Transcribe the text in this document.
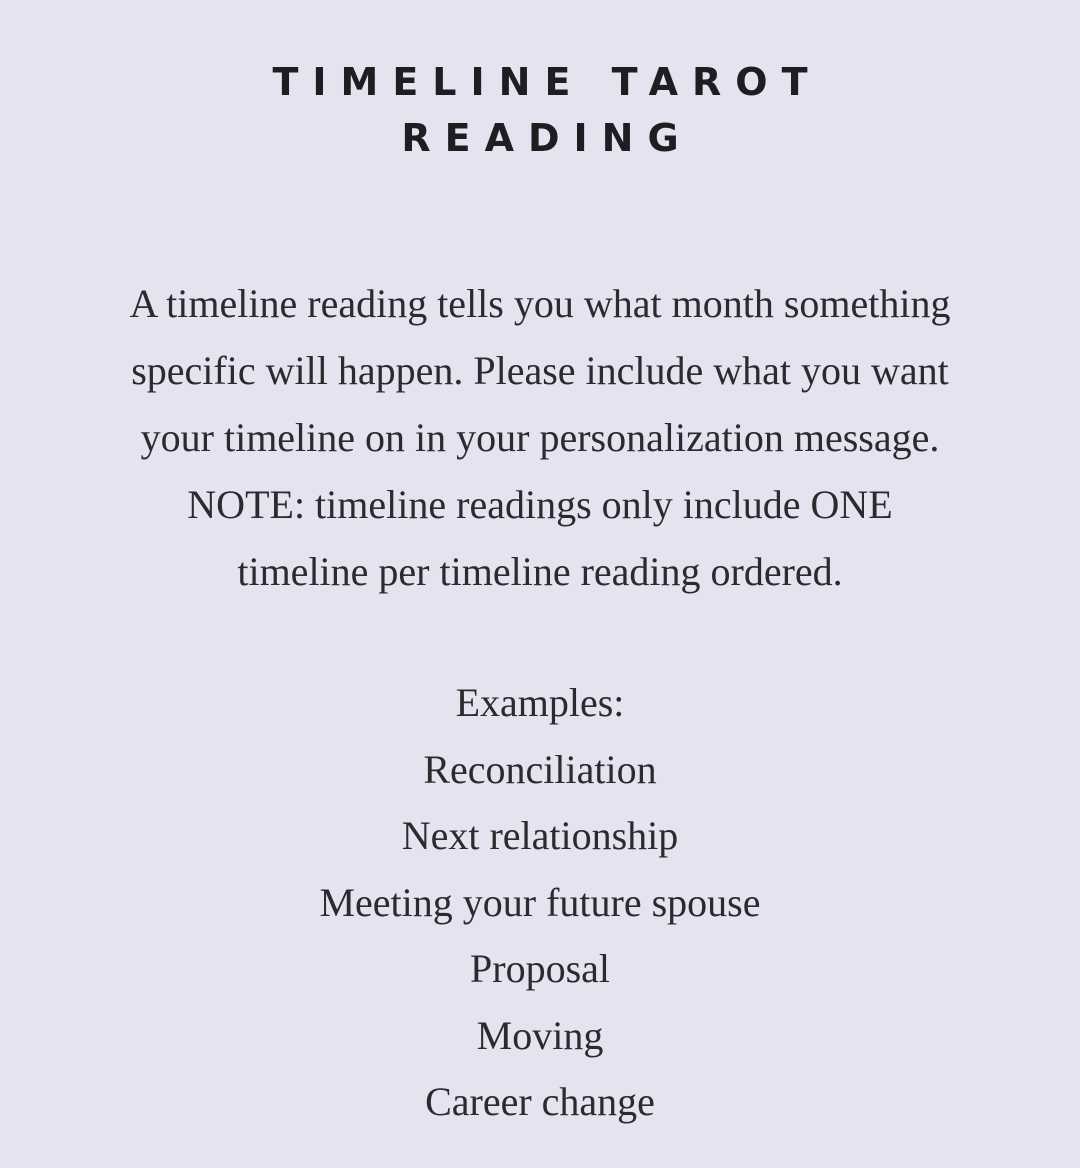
TIMELINE TAROT
READING

A timeline reading tells you what month something
specific will happen. Please include what you want
your timeline on in your personalization message.
NOTE: timeline readings only include ONE
timeline per timeline reading ordered.

Examples:
Reconciliation
Next relationship
Meeting your future spouse
Proposal
Moving
Career change
